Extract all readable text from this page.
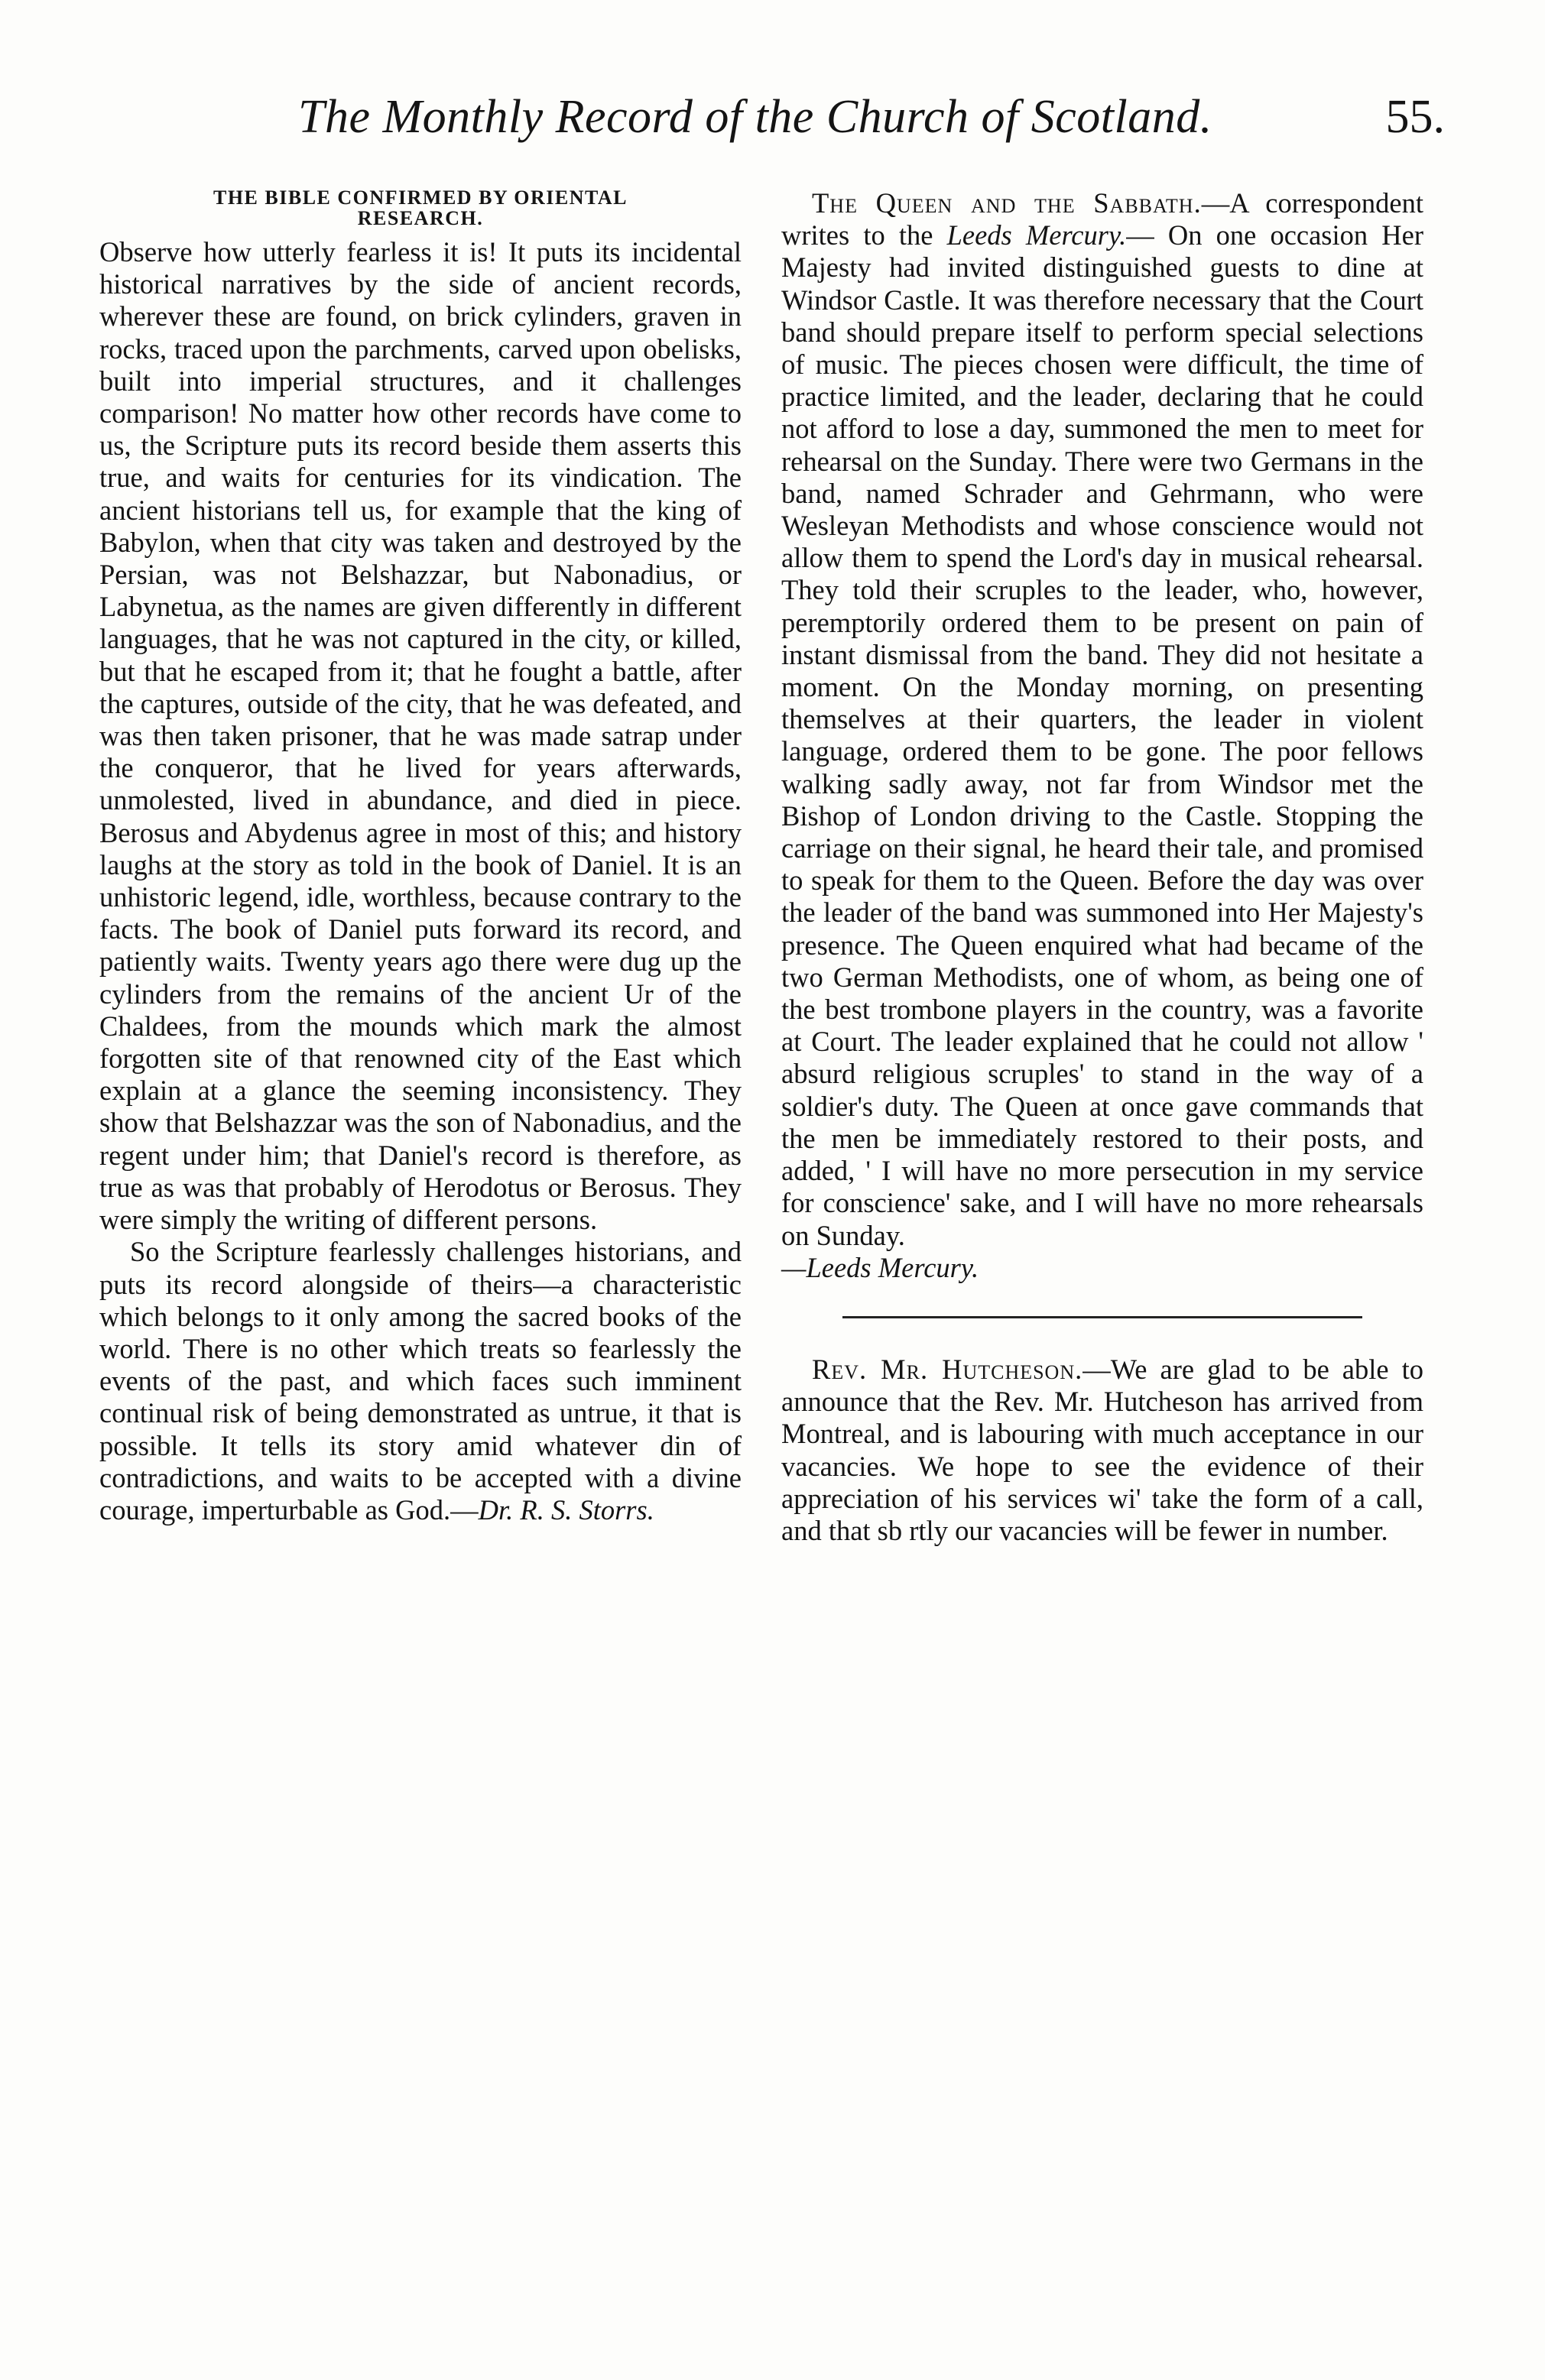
The Monthly Record of the Church of Scotland.	55.

THE BIBLE CONFIRMED BY ORIENTAL

RESEARCH.

Observe how utterly fearless it is! It puts its incidental historical narratives by the side of ancient records, wherever these are found, on brick cylinders, graven in rocks, traced upon the parchments, carved upon obelisks, built into imperial structures, and it challenges comparison! No matter how other records have come to us, the Scripture puts its record beside them asserts this true, and waits for centuries for its vindication. The ancient historians tell us, for example that the king of Babylon, when that city was taken and destroyed by the Persian, was not Belshazzar, but Nabonadius, or Labynetua, as the names are given differently in different languages, that he was not captured in the city, or killed, but that he escaped from it; that he fought a battle, after the captures, outside of the city, that he was defeated, and was then taken prisoner, that he was made satrap under the conqueror, that he lived for years afterwards, unmolested, lived in abundance, and died in piece. Berosus and Abydenus agree in most of this; and history laughs at the story as told in the book of Daniel. It is an unhistoric legend, idle, worthless, because contrary to the facts. The book of Daniel puts forward its record, and patiently waits. Twenty years ago there were dug up the cylinders from the remains of the ancient Ur of the Chaldees, from the mounds which mark the almost forgotten site of that renowned city of the East which explain at a glance the seeming inconsistency. They show that Belshazzar was the son of Nabonadius, and the regent under him; that Daniel's record is therefore, as true as was that probably of Herodotus or Berosus. They were simply the writing of different persons.

So the Scripture fearlessly challenges historians, and puts its record alongside of theirs—a characteristic which belongs to it only among the sacred books of the world. There is no other which treats so fearlessly the events of the past, and which faces such imminent continual risk of being demonstrated as untrue, it that is possible. It tells its story amid whatever din of contradictions, and waits to be accepted with a divine courage, imperturbable as God.—Dr. R. S. Storrs.

The Queen and the Sabbath.—A correspondent writes to the Leeds Mercury.— On one occasion Her Majesty had invited distinguished guests to dine at Windsor Castle. It was therefore necessary that the Court band should prepare itself to perform special selections of music. The pieces chosen were difficult, the time of practice limited, and the leader, declaring that he could not afford to lose a day, summoned the men to meet for rehearsal on the Sunday. There were two Germans in the band, named Schrader and Gehrmann, who were Wesleyan Methodists and whose conscience would not allow them to spend the Lord's day in musical rehearsal. They told their scruples to the leader, who, however, peremptorily ordered them to be present on pain of instant dismissal from the band. They did not hesitate a moment. On the Monday morning, on presenting themselves at their quarters, the leader in violent language, ordered them to be gone. The poor fellows walking sadly away, not far from Windsor met the Bishop of London driving to the Castle. Stopping the carriage on their signal, he heard their tale, and promised to speak for them to the Queen. Before the day was over the leader of the band was summoned into Her Majesty's presence. The Queen enquired what had became of the two German Methodists, one of whom, as being one of the best trombone players in the country, was a favorite at Court. The leader explained that he could not allow ' absurd religious scruples' to stand in the way of a soldier's duty. The Queen at once gave commands that the men be immediately restored to their posts, and added, ' I will have no more persecution in my service for conscience' sake, and I will have no more rehearsals on Sunday.

—Leeds Mercury.

Rev. Mr. Hutcheson.—We are glad to be able to announce that the Rev. Mr. Hutcheson has arrived from Montreal, and is labouring with much acceptance in our vacancies. We hope to see the evidence of their appreciation of his services wi' take the form of a call, and that sb rtly our vacancies will be fewer in number.
